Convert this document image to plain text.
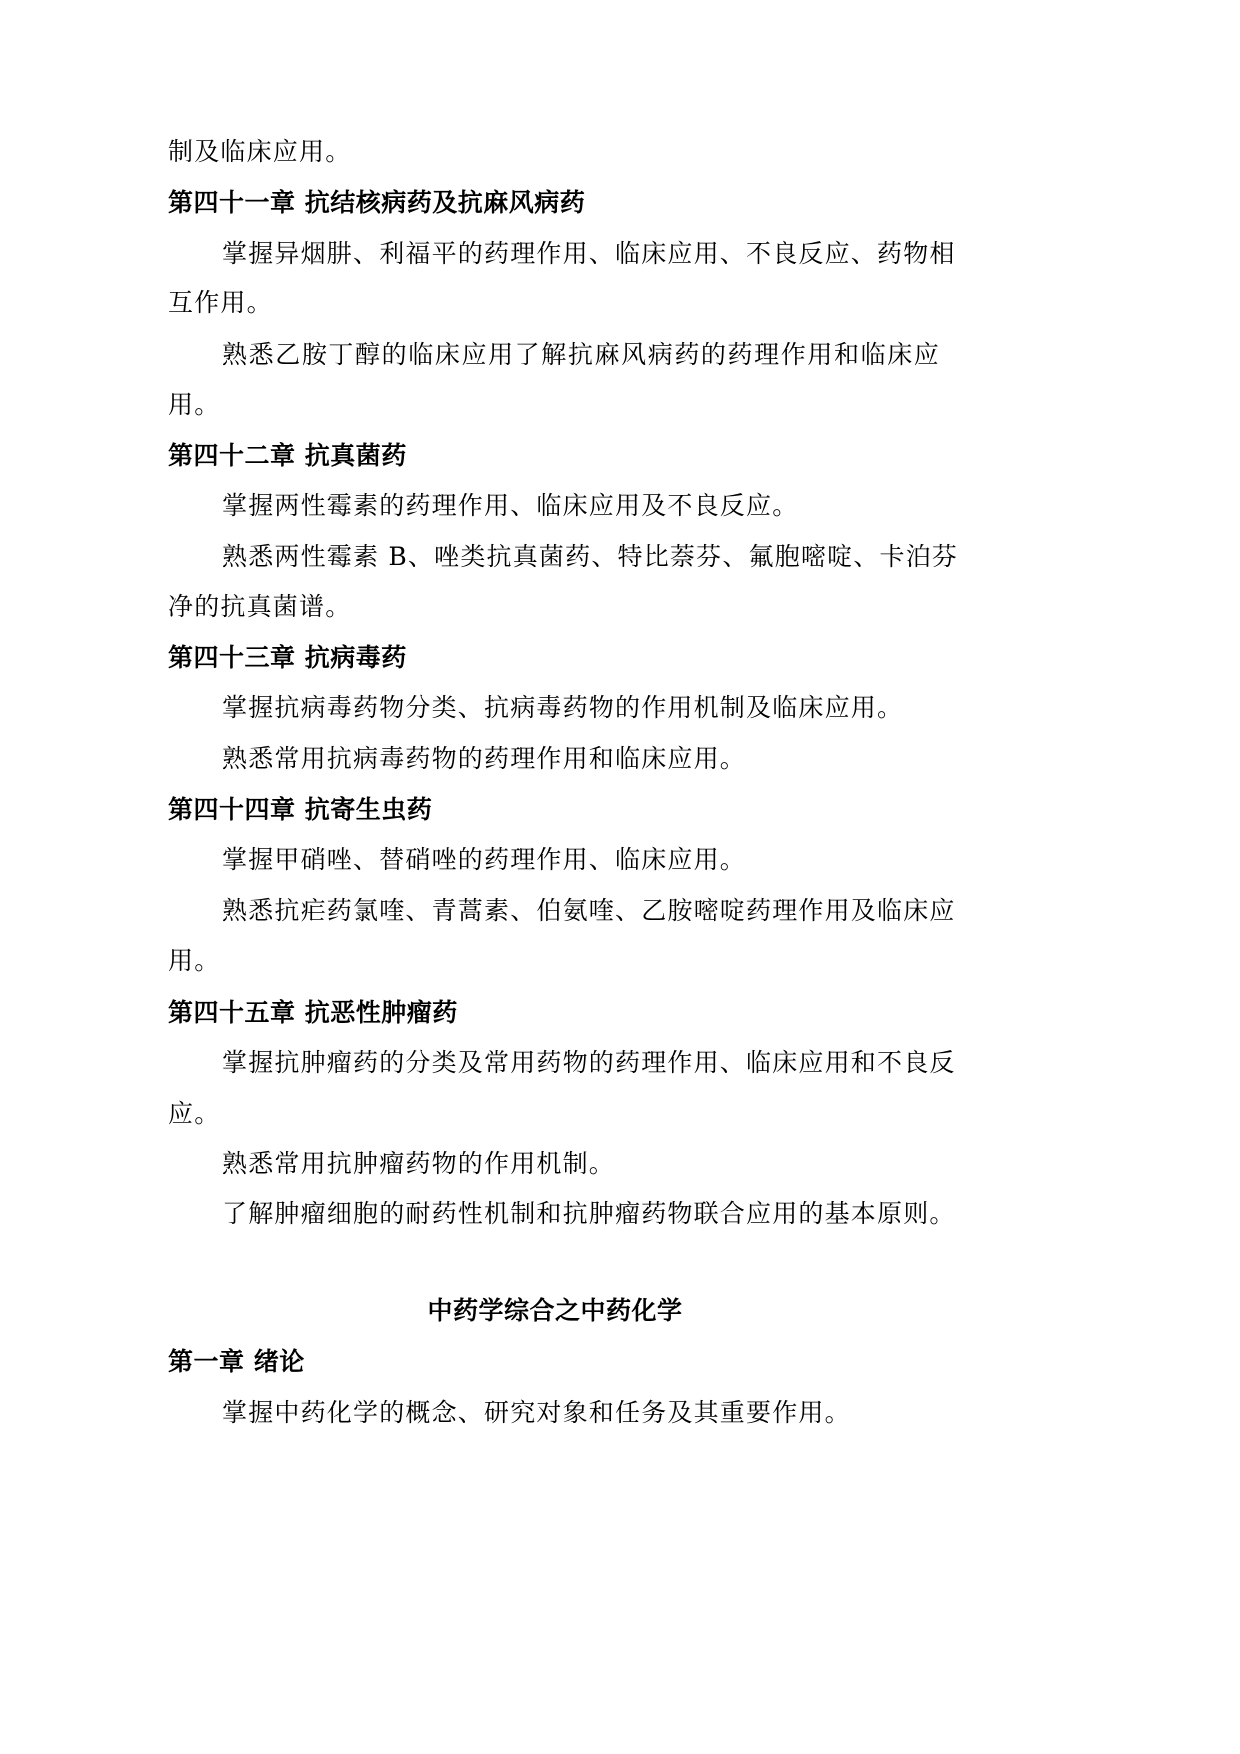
制及临床应用。
第四十一章 抗结核病药及抗麻风病药
掌握异烟肼、利福平的药理作用、临床应用、不良反应、药物相
互作用。
熟悉乙胺丁醇的临床应用了解抗麻风病药的药理作用和临床应
用。
第四十二章 抗真菌药
掌握两性霉素的药理作用、临床应用及不良反应。
熟悉两性霉素 B、唑类抗真菌药、特比萘芬、氟胞嘧啶、卡泊芬
净的抗真菌谱。
第四十三章 抗病毒药
掌握抗病毒药物分类、抗病毒药物的作用机制及临床应用。
熟悉常用抗病毒药物的药理作用和临床应用。
第四十四章 抗寄生虫药
掌握甲硝唑、替硝唑的药理作用、临床应用。
熟悉抗疟药氯喹、青蒿素、伯氨喹、乙胺嘧啶药理作用及临床应
用。
第四十五章 抗恶性肿瘤药
掌握抗肿瘤药的分类及常用药物的药理作用、临床应用和不良反
应。
熟悉常用抗肿瘤药物的作用机制。
了解肿瘤细胞的耐药性机制和抗肿瘤药物联合应用的基本原则。
中药学综合之中药化学
第一章 绪论
掌握中药化学的概念、研究对象和任务及其重要作用。
